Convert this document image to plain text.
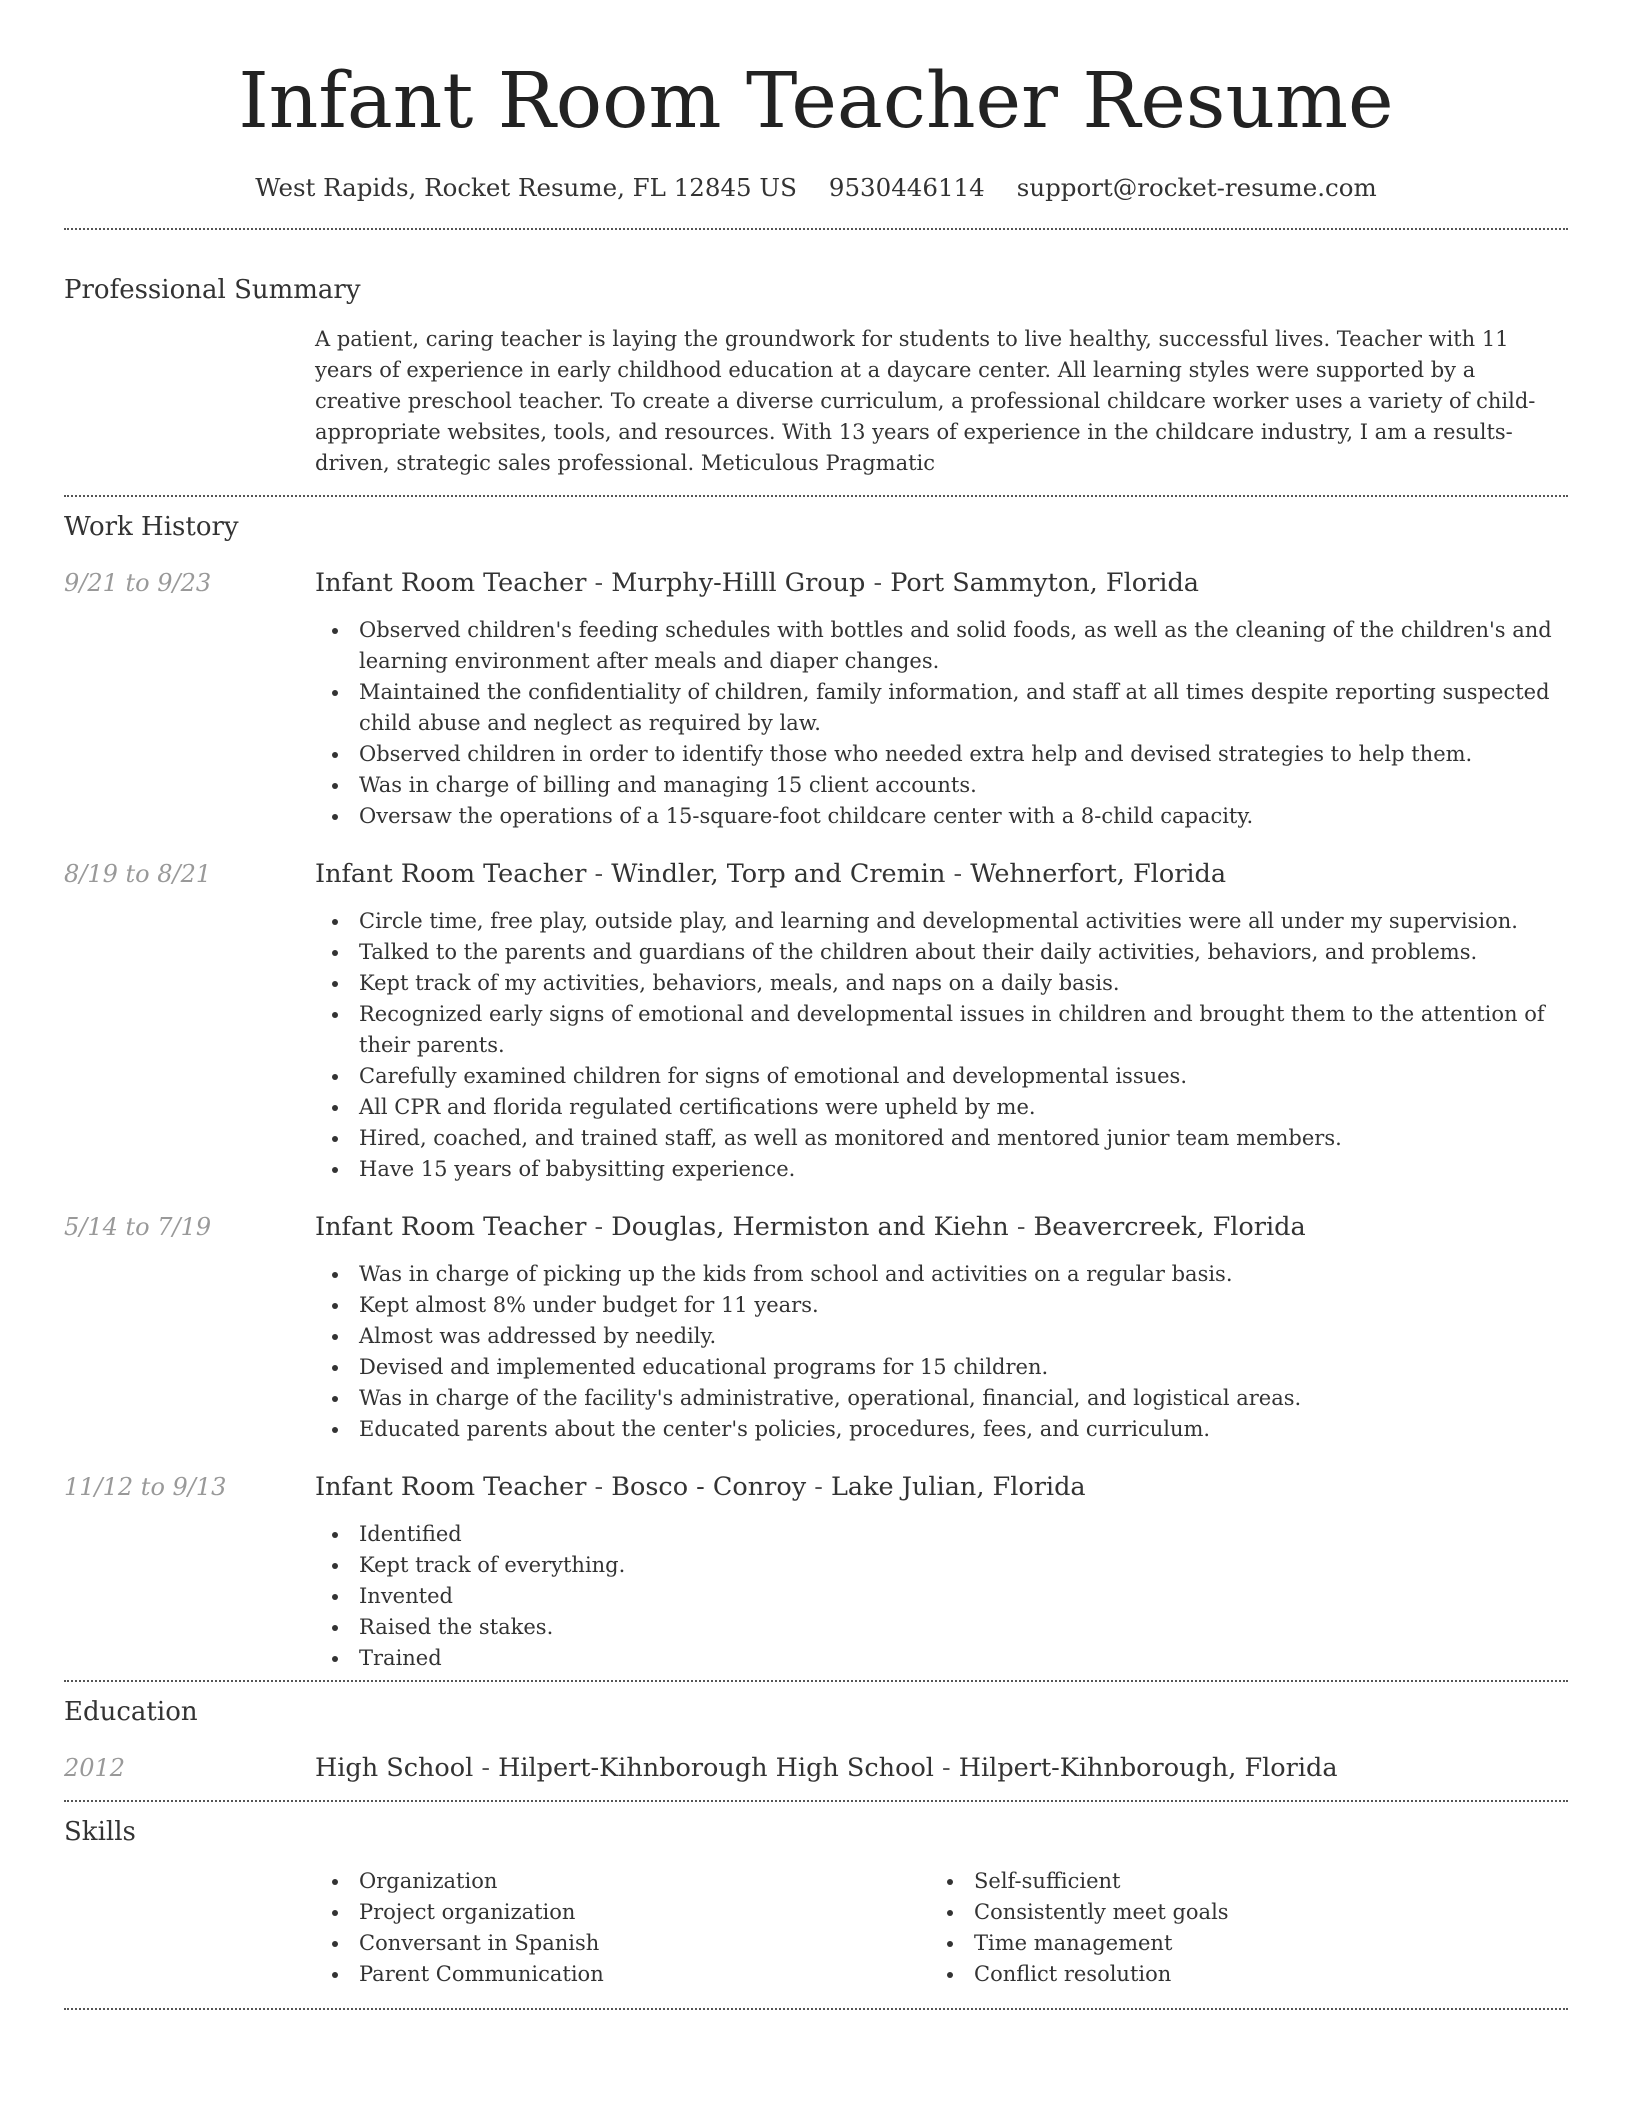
Infant Room Teacher Resume
West Rapids, Rocket Resume, FL 12845 US 9530446114 support@rocket-resume.com
Professional Summary

A patient, caring teacher is laying the groundwork for students to live healthy, successful lives. Teacher with 11 years of experience in early childhood education at a daycare center. All learning styles were supported by a creative preschool teacher. To create a diverse curriculum, a professional childcare worker uses a variety of child-appropriate websites, tools, and resources. With 13 years of experience in the childcare industry, I am a results-driven, strategic sales professional. Meticulous Pragmatic

Work History
9/21 to 9/23	Infant Room Teacher - Murphy-Hilll Group - Port Sammyton, Florida
Observed children's feeding schedules with bottles and solid foods, as well as the cleaning of the children's and learning environment after meals and diaper changes.
Maintained the confidentiality of children, family information, and staff at all times despite reporting suspected child abuse and neglect as required by law.
Observed children in order to identify those who needed extra help and devised strategies to help them.
Was in charge of billing and managing 15 client accounts.
Oversaw the operations of a 15-square-foot childcare center with a 8-child capacity.
8/19 to 8/21	Infant Room Teacher - Windler, Torp and Cremin - Wehnerfort, Florida
Circle time, free play, outside play, and learning and developmental activities were all under my supervision.
Talked to the parents and guardians of the children about their daily activities, behaviors, and problems.
Kept track of my activities, behaviors, meals, and naps on a daily basis.
Recognized early signs of emotional and developmental issues in children and brought them to the attention of their parents.
Carefully examined children for signs of emotional and developmental issues.
All CPR and florida regulated certifications were upheld by me.
Hired, coached, and trained staff, as well as monitored and mentored junior team members.
Have 15 years of babysitting experience.
5/14 to 7/19	Infant Room Teacher - Douglas, Hermiston and Kiehn - Beavercreek, Florida
Was in charge of picking up the kids from school and activities on a regular basis.
Kept almost 8% under budget for 11 years.
Almost was addressed by needily.
Devised and implemented educational programs for 15 children.
Was in charge of the facility's administrative, operational, financial, and logistical areas.
Educated parents about the center's policies, procedures, fees, and curriculum.
11/12 to 9/13	Infant Room Teacher - Bosco - Conroy - Lake Julian, Florida
Identified
Kept track of everything.
Invented
Raised the stakes.
Trained
Education
2012	High School - Hilpert-Kihnborough High School - Hilpert-Kihnborough, Florida
Skills
Organization
Project organization
Conversant in Spanish
Parent Communication
Self-sufficient
Consistently meet goals
Time management
Conflict resolution
